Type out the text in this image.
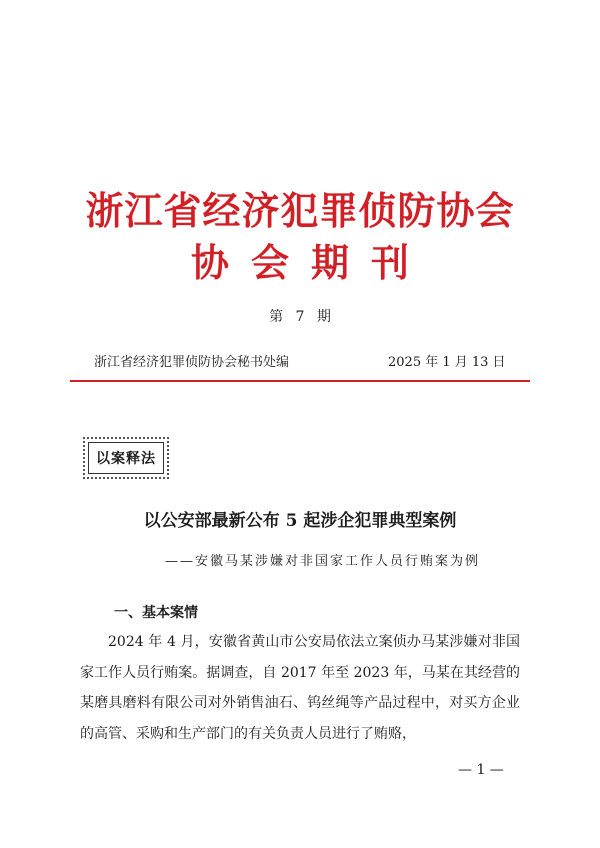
浙江省经济犯罪侦防协会
协会期刊
第 7 期
浙江省经济犯罪侦防协会秘书处编	2025 年 1 月 13 日
以案释法
以公安部最新公布 5 起涉企犯罪典型案例
——安徽马某涉嫌对非国家工作人员行贿案为例
一、基本案情

2024 年 4 月，安徽省黄山市公安局依法立案侦办马某涉嫌对非国家工作人员行贿案。据调查，自 2017 年至 2023 年，马某在其经营的某磨具磨料有限公司对外销售油石、钨丝绳等产品过程中，对买方企业的高管、采购和生产部门的有关负责人员进行了贿赂，

— 1 —
